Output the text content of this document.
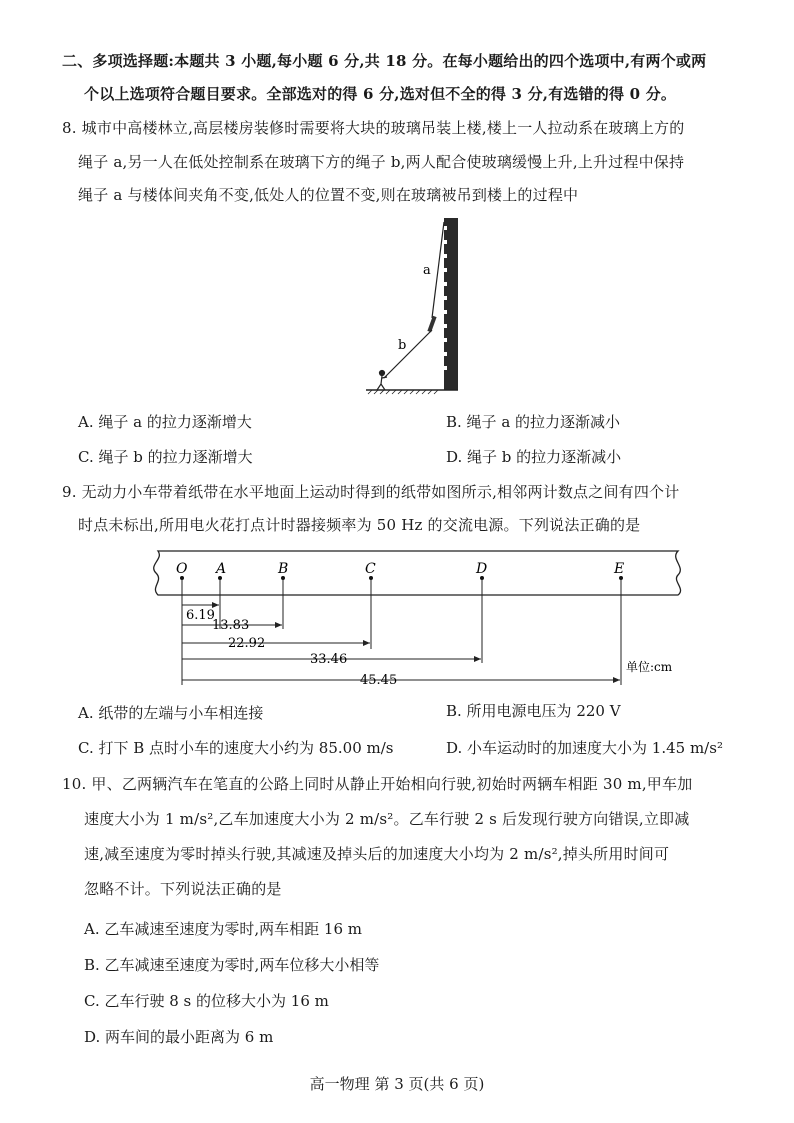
二、多项选择题:本题共 3 小题,每小题 6 分,共 18 分。在每小题给出的四个选项中,有两个或两
个以上选项符合题目要求。全部选对的得 6 分,选对但不全的得 3 分,有选错的得 0 分。
8. 城市中高楼林立,高层楼房装修时需要将大块的玻璃吊装上楼,楼上一人拉动系在玻璃上方的
绳子 a,另一人在低处控制系在玻璃下方的绳子 b,两人配合使玻璃缓慢上升,上升过程中保持
绳子 a 与楼体间夹角不变,低处人的位置不变,则在玻璃被吊到楼上的过程中
a
b
A. 绳子 a 的拉力逐渐增大	B. 绳子 a 的拉力逐渐减小
C. 绳子 b 的拉力逐渐增大	D. 绳子 b 的拉力逐渐减小
9. 无动力小车带着纸带在水平地面上运动时得到的纸带如图所示,相邻两计数点之间有四个计
时点未标出,所用电火花打点计时器接频率为 50 Hz 的交流电源。下列说法正确的是
O A	B	C	D	E
6.19
13.83
22.92
33.46
45.45
单位:cm
A. 纸带的左端与小车相连接	B. 所用电源电压为 220 V
C. 打下 B 点时小车的速度大小约为 85.00 m/s	D. 小车运动时的加速度大小为 1.45 m/s²
10. 甲、乙两辆汽车在笔直的公路上同时从静止开始相向行驶,初始时两辆车相距 30 m,甲车加
速度大小为 1 m/s²,乙车加速度大小为 2 m/s²。乙车行驶 2 s 后发现行驶方向错误,立即减
速,减至速度为零时掉头行驶,其减速及掉头后的加速度大小均为 2 m/s²,掉头所用时间可
忽略不计。下列说法正确的是
A. 乙车减速至速度为零时,两车相距 16 m
B. 乙车减速至速度为零时,两车位移大小相等
C. 乙车行驶 8 s 的位移大小为 16 m
D. 两车间的最小距离为 6 m
高一物理 第 3 页(共 6 页)
